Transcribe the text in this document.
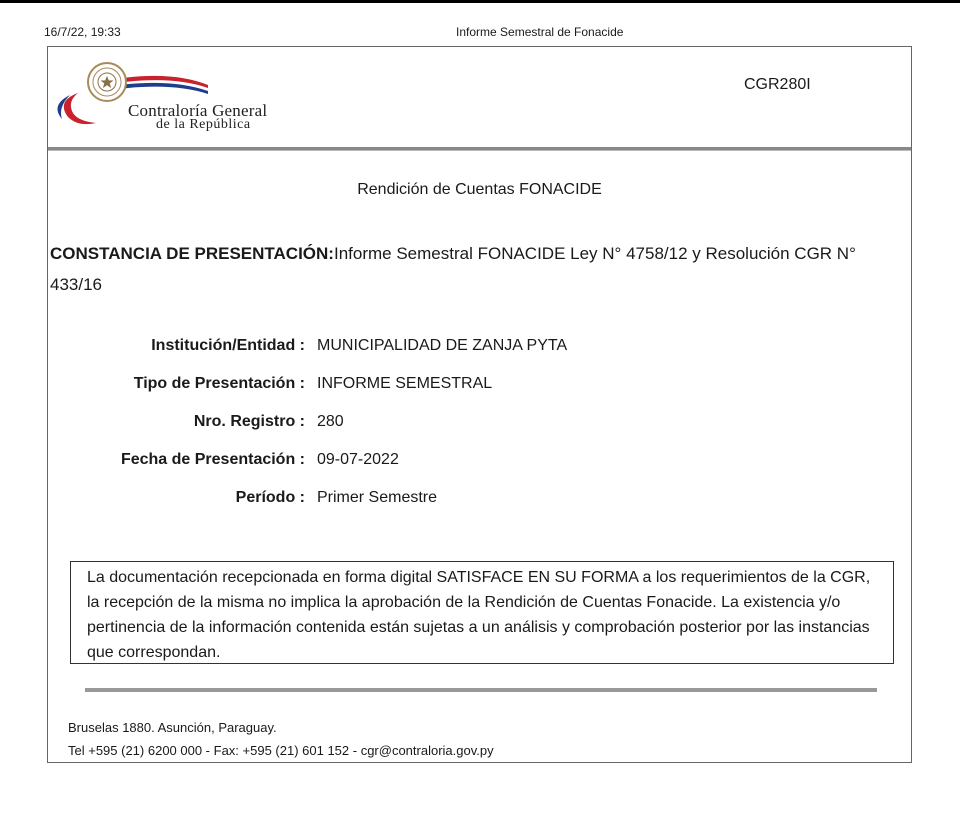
16/7/22, 19:33	Informe Semestral de Fonacide
Contraloría General
de la República
CGR280I
Rendición de Cuentas FONACIDE
CONSTANCIA DE PRESENTACIÓN:Informe Semestral FONACIDE Ley N° 4758/12 y Resolución CGR N° 433/16
Institución/Entidad : MUNICIPALIDAD DE ZANJA PYTA
Tipo de Presentación : INFORME SEMESTRAL
Nro. Registro : 280
Fecha de Presentación : 09-07-2022
Período : Primer Semestre
La documentación recepcionada en forma digital SATISFACE EN SU FORMA a los requerimientos de la CGR, la recepción de la misma no implica la aprobación de la Rendición de Cuentas Fonacide. La existencia y/o pertinencia de la información contenida están sujetas a un análisis y comprobación posterior por las instancias que correspondan.
Bruselas 1880. Asunción, Paraguay.
Tel +595 (21) 6200 000 - Fax: +595 (21) 601 152 - cgr@contraloria.gov.py
